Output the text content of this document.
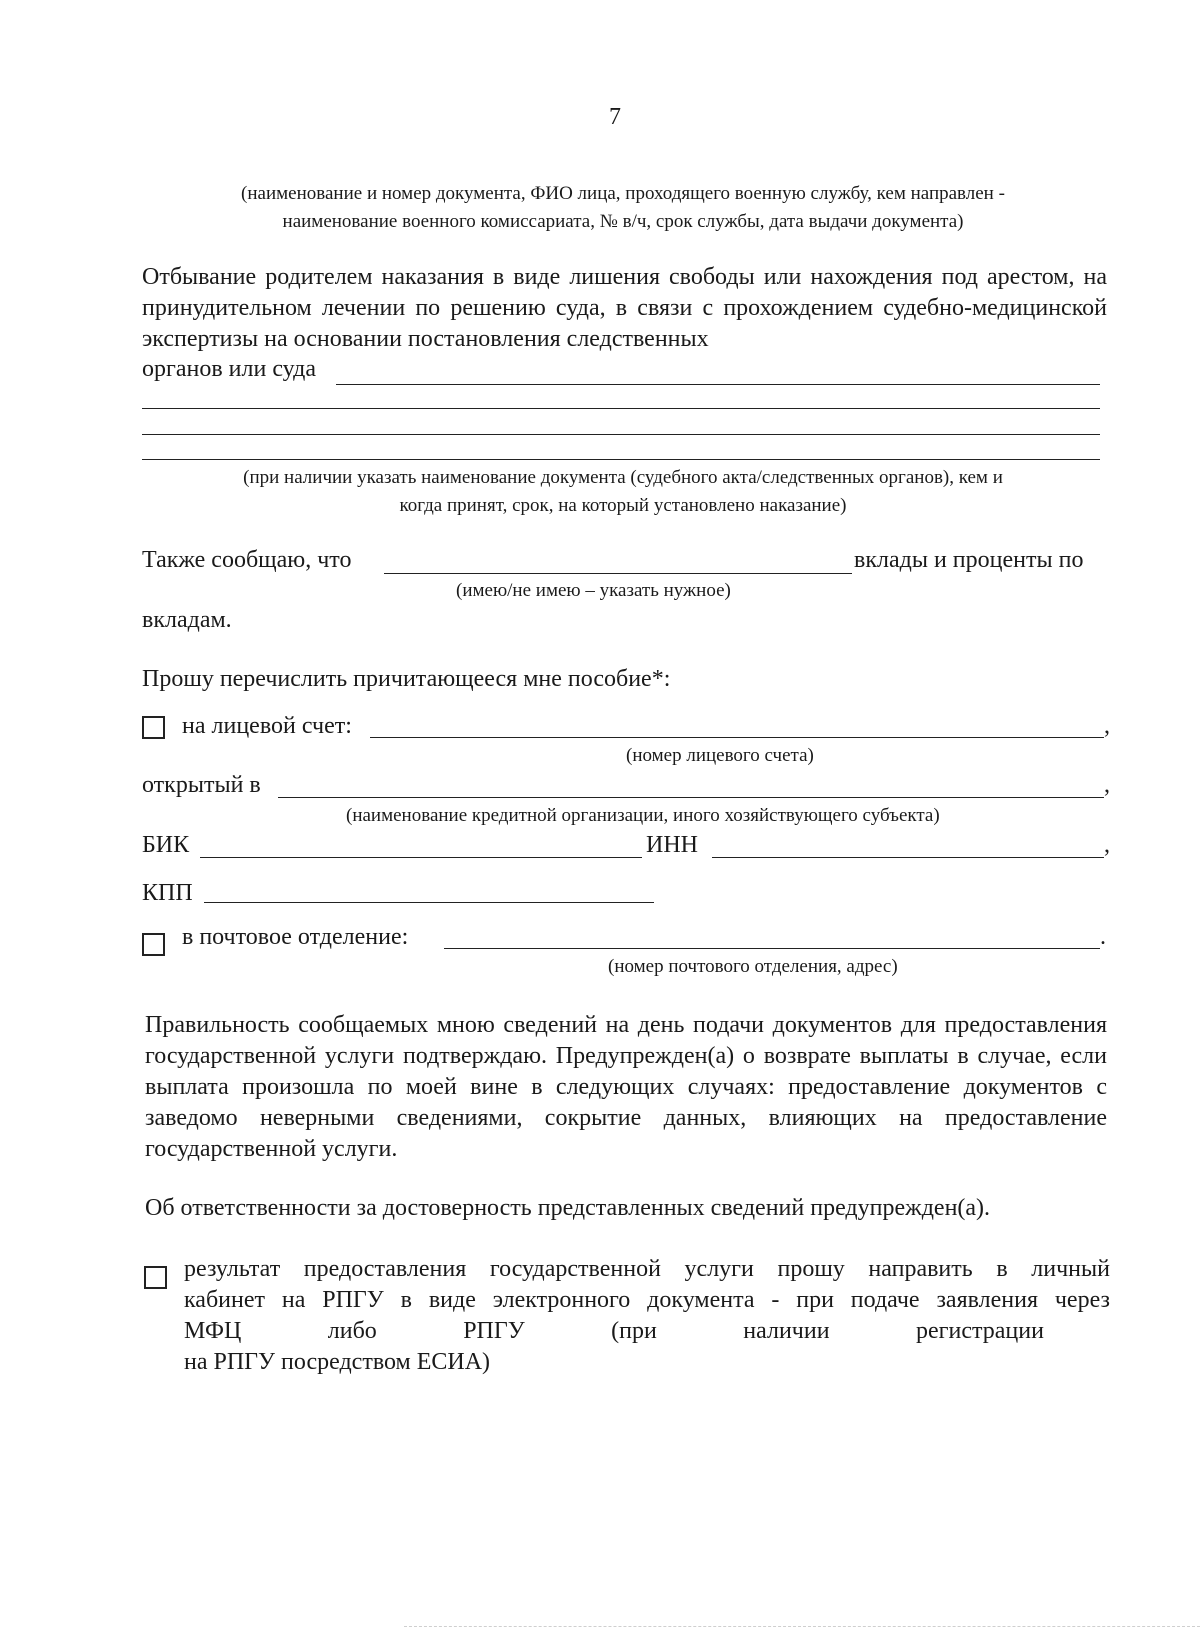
7
(наименование и номер документа, ФИО лица, проходящего военную службу, кем направлен -
наименование военного комиссариата, № в/ч, срок службы, дата выдачи документа)
Отбывание родителем наказания в виде лишения свободы или нахождения под арестом, на принудительном лечении по решению суда, в связи с прохождением судебно-медицинской экспертизы на основании постановления следственных
органов или суда
(при наличии указать наименование документа (судебного акта/следственных органов), кем и
когда принят, срок, на который установлено наказание)
Также сообщаю, что	вклады и проценты по
(имею/не имею – указать нужное)
вкладам.
Прошу перечислить причитающееся мне пособие*:
на лицевой счет:	,
(номер лицевого счета)
открытый в	,
(наименование кредитной организации, иного хозяйствующего субъекта)
БИК	ИНН	,
КПП
в почтовое отделение:	.
(номер почтового отделения, адрес)
Правильность сообщаемых мною сведений на день подачи документов для предоставления государственной услуги подтверждаю. Предупрежден(а) о возврате выплаты в случае, если выплата произошла по моей вине в следующих случаях: предоставление документов с заведомо неверными сведениями, сокрытие данных, влияющих на предоставление государственной услуги.
Об ответственности за достоверность представленных сведений предупрежден(а).
результат предоставления государственной услуги прошу направить в личный
кабинет на РПГУ в виде электронного документа - при подаче заявления через
МФЦ	либо	РПГУ	(при	наличии	регистрации
на РПГУ посредством ЕСИА)
